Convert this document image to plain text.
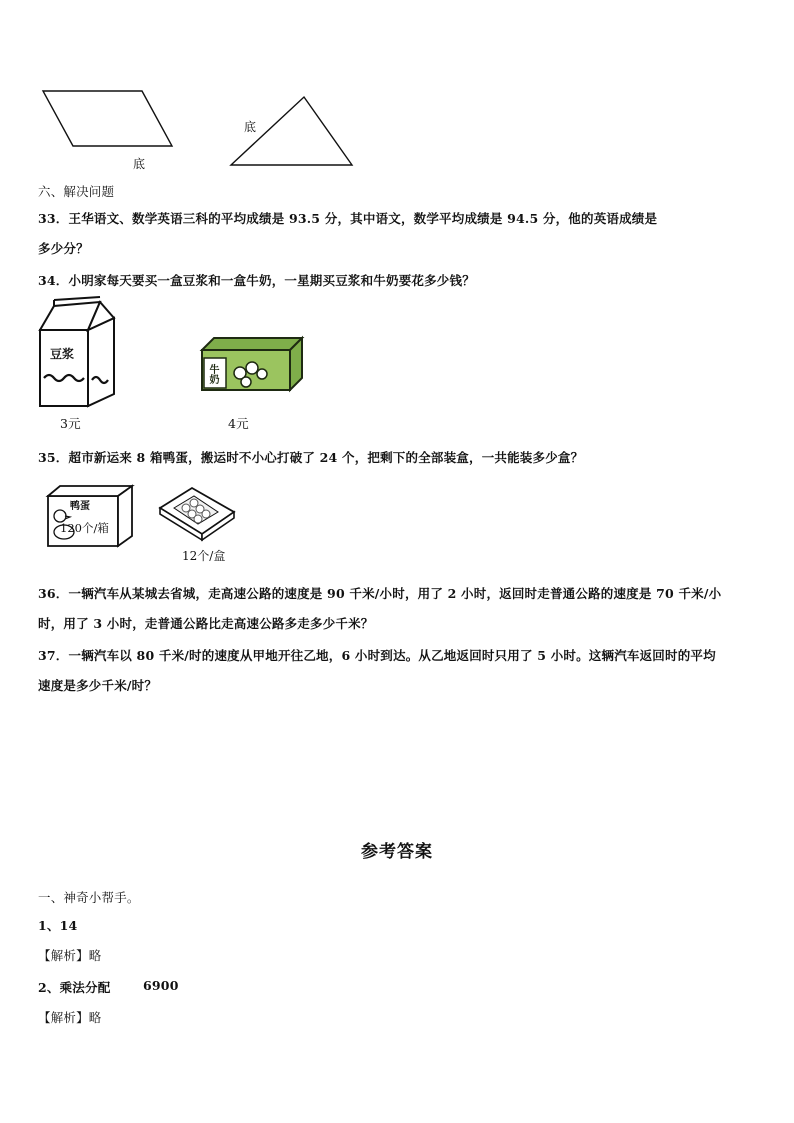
底
底
六、解决问题
33．王华语文、数学英语三科的平均成绩是 93.5 分，其中语文，数学平均成绩是 94.5 分，他的英语成绩是
多少分？
34．小明家每天要买一盒豆浆和一盒牛奶，一星期买豆浆和牛奶要花多少钱？
豆浆
3元
牛奶
4元
35．超市新运来 8 箱鸭蛋，搬运时不小心打破了 24 个，把剩下的全部装盒，一共能装多少盒？
鸭蛋
120个/箱
12个/盒
36．一辆汽车从某城去省城，走高速公路的速度是 90 千米/小时，用了 2 小时，返回时走普通公路的速度是 70 千米/小
时，用了 3 小时，走普通公路比走高速公路多走多少千米？
37．一辆汽车以 80 千米/时的速度从甲地开往乙地，6 小时到达。从乙地返回时只用了 5 小时。这辆汽车返回时的平均
速度是多少千米/时？
参考答案
一、神奇小帮手。
1、14
【解析】略
2、乘法分配	6900
【解析】略
